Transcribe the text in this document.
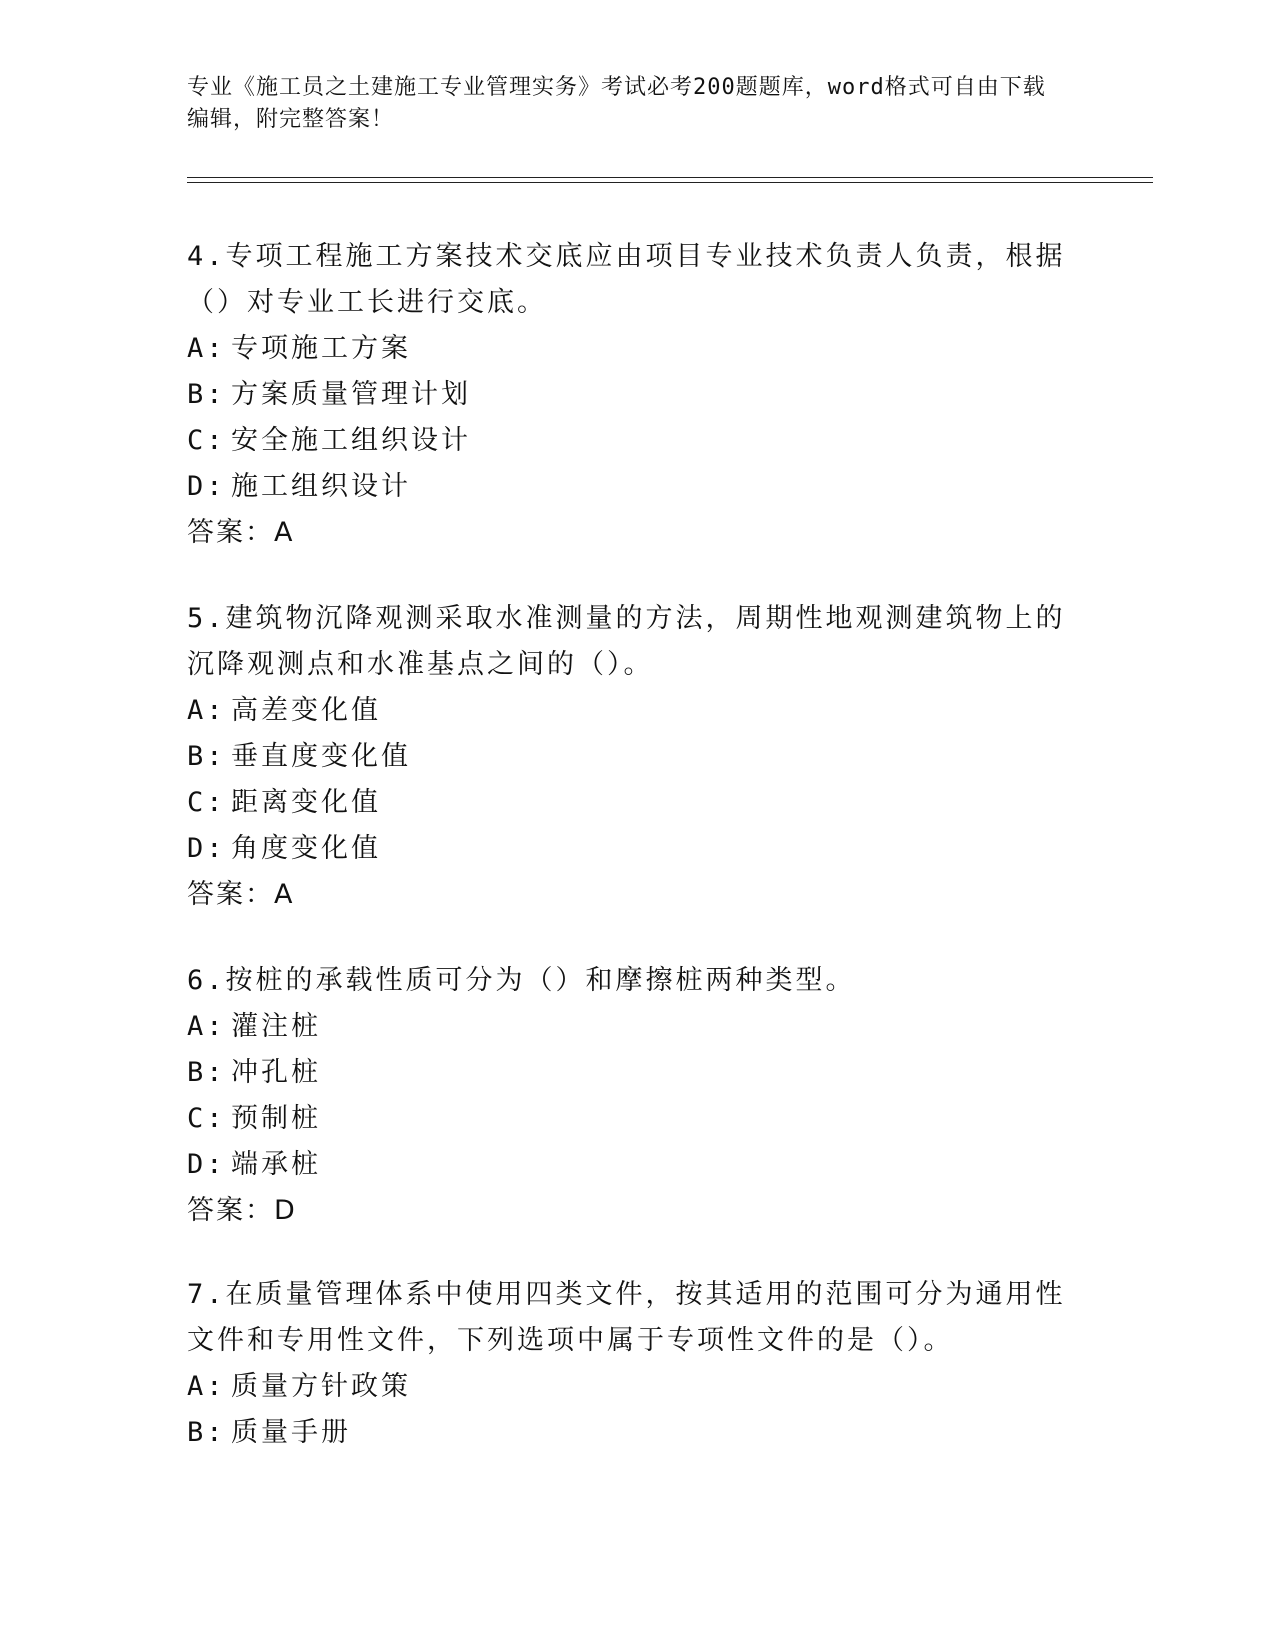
专业《施工员之土建施工专业管理实务》考试必考200题题库，word格式可自由下载编辑，附完整答案！
4.专项工程施工方案技术交底应由项目专业技术负责人负责，根据（）对专业工长进行交底。
A: 专项施工方案
B: 方案质量管理计划
C: 安全施工组织设计
D: 施工组织设计
答案：A
5.建筑物沉降观测采取水准测量的方法，周期性地观测建筑物上的沉降观测点和水准基点之间的（）。
A: 高差变化值
B: 垂直度变化值
C: 距离变化值
D: 角度变化值
答案：A
6.按桩的承载性质可分为（）和摩擦桩两种类型。
A: 灌注桩
B: 冲孔桩
C: 预制桩
D: 端承桩
答案：D
7.在质量管理体系中使用四类文件，按其适用的范围可分为通用性文件和专用性文件，下列选项中属于专项性文件的是（）。
A: 质量方针政策
B: 质量手册
